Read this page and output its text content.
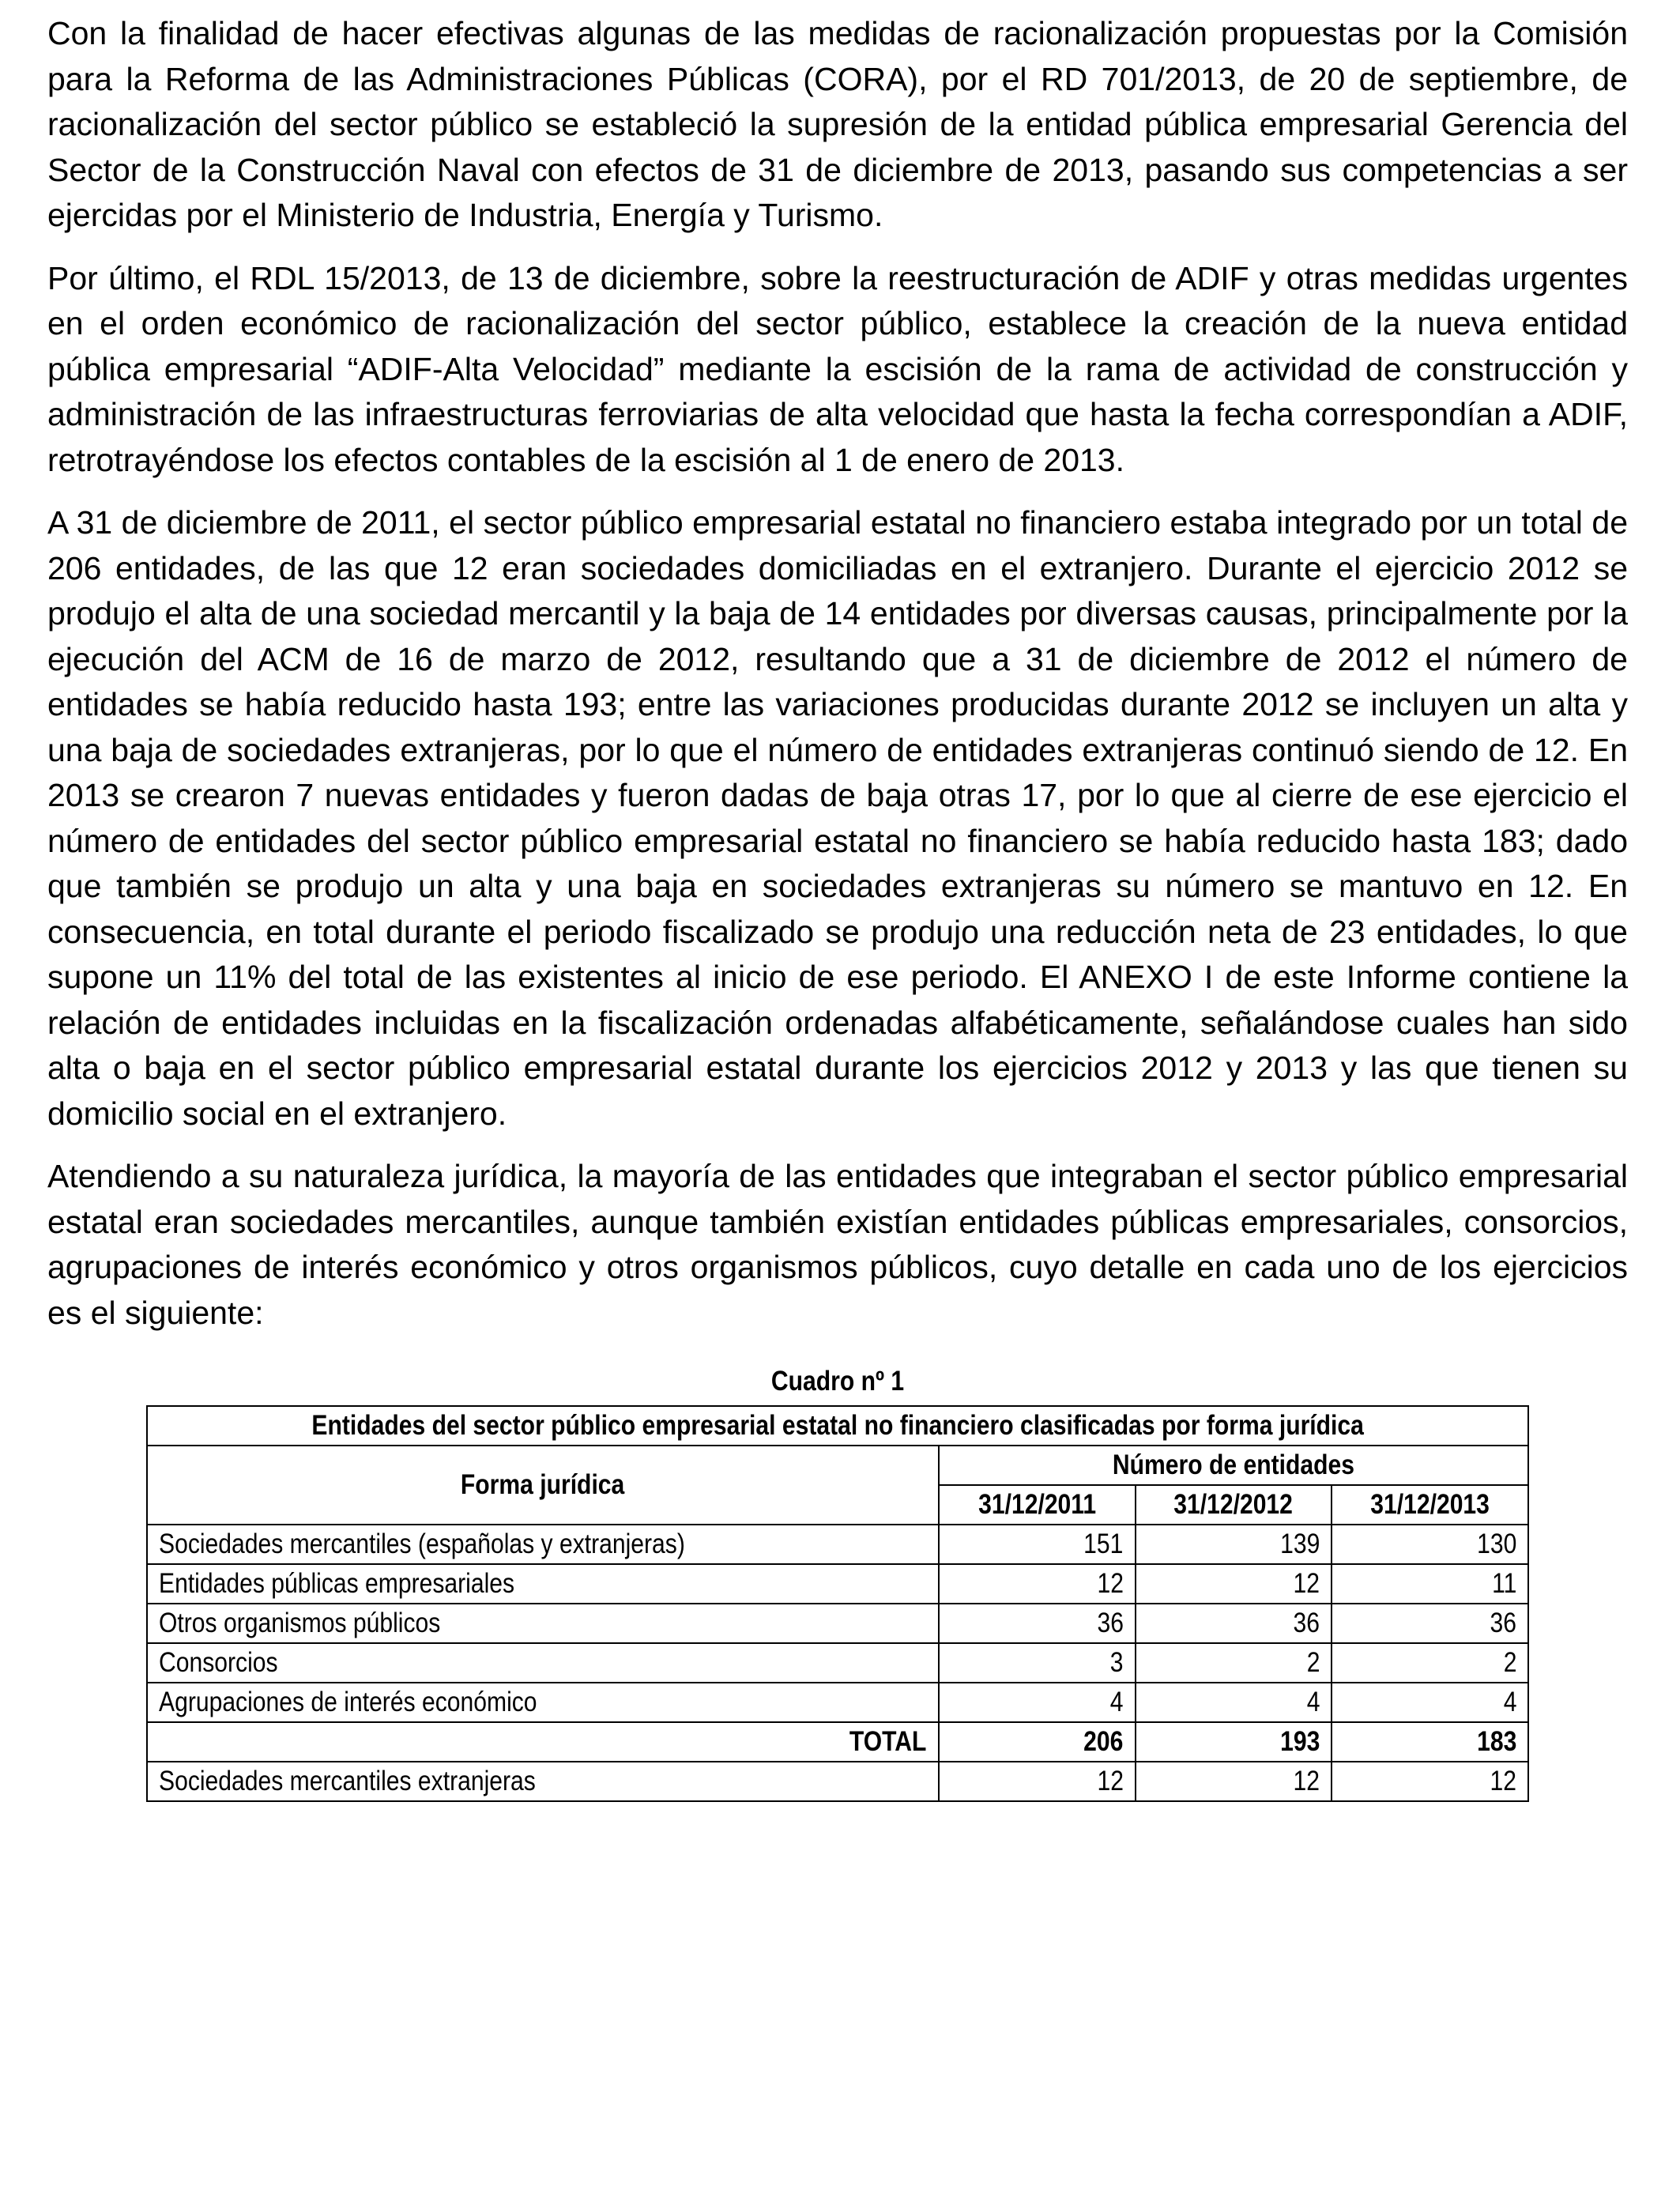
Con la finalidad de hacer efectivas algunas de las medidas de racionalización propuestas por la Comisión para la Reforma de las Administraciones Públicas (CORA), por el RD 701/2013, de 20 de septiembre, de racionalización del sector público se estableció la supresión de la entidad pública empresarial Gerencia del Sector de la Construcción Naval con efectos de 31 de diciembre de 2013, pasando sus competencias a ser ejercidas por el Ministerio de Industria, Energía y Turismo.

Por último, el RDL 15/2013, de 13 de diciembre, sobre la reestructuración de ADIF y otras medidas urgentes en el orden económico de racionalización del sector público, establece la creación de la nueva entidad pública empresarial “ADIF-Alta Velocidad” mediante la escisión de la rama de actividad de construcción y administración de las infraestructuras ferroviarias de alta velocidad que hasta la fecha correspondían a ADIF, retrotrayéndose los efectos contables de la escisión al 1 de enero de 2013.

A 31 de diciembre de 2011, el sector público empresarial estatal no financiero estaba integrado por un total de 206 entidades, de las que 12 eran sociedades domiciliadas en el extranjero. Durante el ejercicio 2012 se produjo el alta de una sociedad mercantil y la baja de 14 entidades por diversas causas, principalmente por la ejecución del ACM de 16 de marzo de 2012, resultando que a 31 de diciembre de 2012 el número de entidades se había reducido hasta 193; entre las variaciones producidas durante 2012 se incluyen un alta y una baja de sociedades extranjeras, por lo que el número de entidades extranjeras continuó siendo de 12. En 2013 se crearon 7 nuevas entidades y fueron dadas de baja otras 17, por lo que al cierre de ese ejercicio el número de entidades del sector público empresarial estatal no financiero se había reducido hasta 183; dado que también se produjo un alta y una baja en sociedades extranjeras su número se mantuvo en 12. En consecuencia, en total durante el periodo fiscalizado se produjo una reducción neta de 23 entidades, lo que supone un 11% del total de las existentes al inicio de ese periodo. El ANEXO I de este Informe contiene la relación de entidades incluidas en la fiscalización ordenadas alfabéticamente, señalándose cuales han sido alta o baja en el sector público empresarial estatal durante los ejercicios 2012 y 2013 y las que tienen su domicilio social en el extranjero.

Atendiendo a su naturaleza jurídica, la mayoría de las entidades que integraban el sector público empresarial estatal eran sociedades mercantiles, aunque también existían entidades públicas empresariales, consorcios, agrupaciones de interés económico y otros organismos públicos, cuyo detalle en cada uno de los ejercicios es el siguiente:

Cuadro nº 1
Entidades del sector público empresarial estatal no financiero clasificadas por forma jurídica			
Forma jurídica	Número de entidades		
	31/12/2011	31/12/2012	31/12/2013
Sociedades mercantiles (españolas y extranjeras)	151	139	130
Entidades públicas empresariales	12	12	11
Otros organismos públicos	36	36	36
Consorcios	3	2	2
Agrupaciones de interés económico	4	4	4
TOTAL	206	193	183
Sociedades mercantiles extranjeras	12	12	12
